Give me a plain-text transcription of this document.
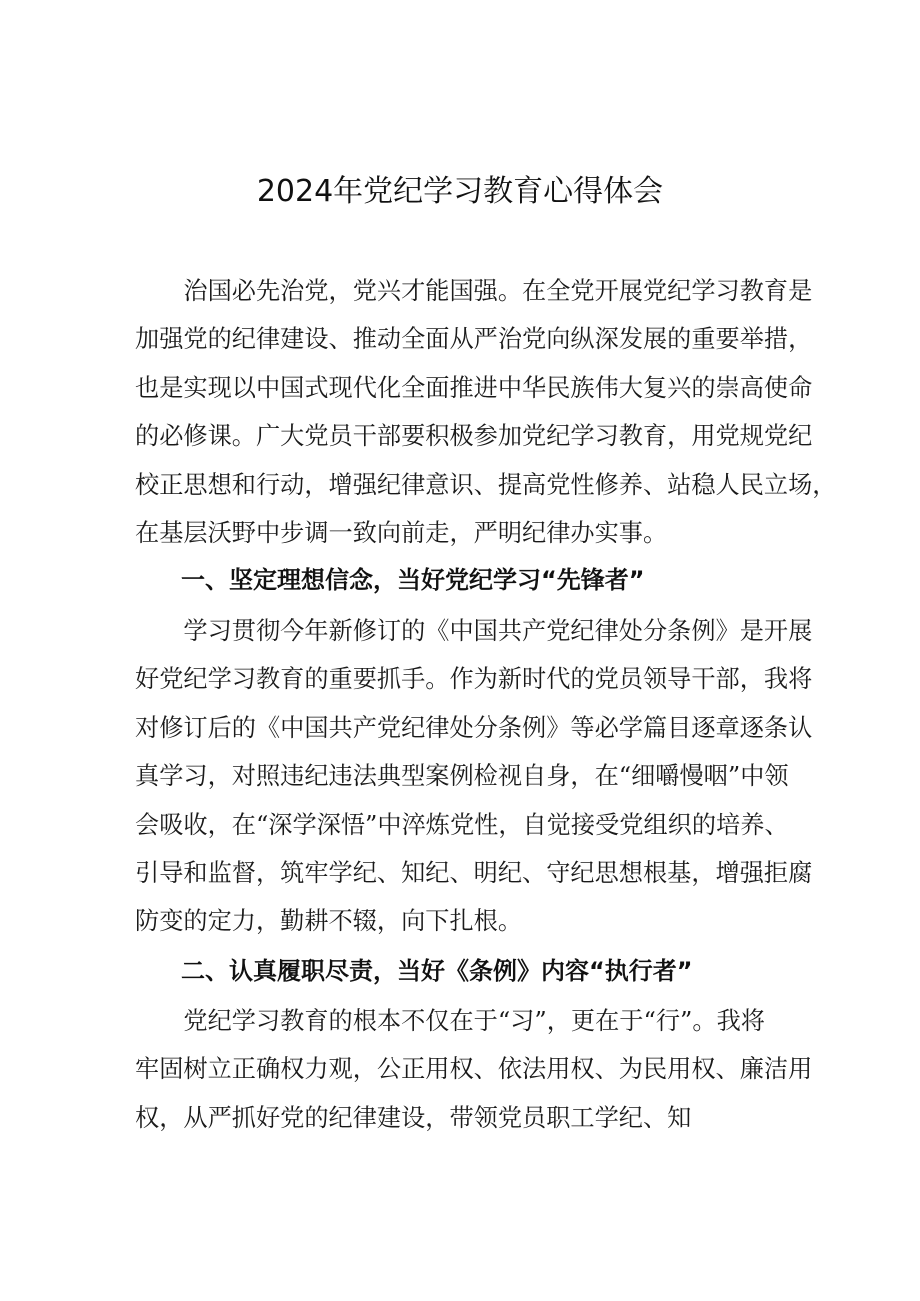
2024年党纪学习教育心得体会
　　治国必先治党，党兴才能国强。在全党开展党纪学习教育是
加强党的纪律建设、推动全面从严治党向纵深发展的重要举措，
也是实现以中国式现代化全面推进中华民族伟大复兴的崇高使命
的必修课。广大党员干部要积极参加党纪学习教育，用党规党纪
校正思想和行动，增强纪律意识、提高党性修养、站稳人民立场，
在基层沃野中步调一致向前走，严明纪律办实事。
一、坚定理想信念，当好党纪学习“先锋者”
　　学习贯彻今年新修订的《中国共产党纪律处分条例》是开展
好党纪学习教育的重要抓手。作为新时代的党员领导干部，我将
对修订后的《中国共产党纪律处分条例》等必学篇目逐章逐条认
真学习，对照违纪违法典型案例检视自身，在“细嚼慢咽”中领
会吸收，在“深学深悟”中淬炼党性，自觉接受党组织的培养、
引导和监督，筑牢学纪、知纪、明纪、守纪思想根基，增强拒腐
防变的定力，勤耕不辍，向下扎根。
二、认真履职尽责，当好《条例》内容“执行者”
　　党纪学习教育的根本不仅在于“习”，更在于“行”。我将
牢固树立正确权力观，公正用权、依法用权、为民用权、廉洁用
权，从严抓好党的纪律建设，带领党员职工学纪、知
